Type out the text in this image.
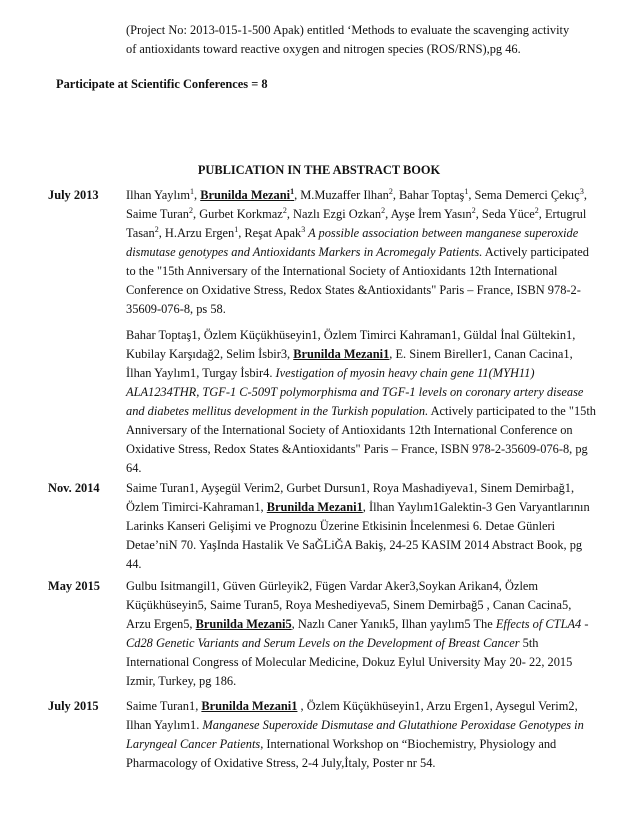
(Project No: 2013-015-1-500 Apak) entitled ‘Methods to evaluate the scavenging activity
of antioxidants toward reactive oxygen and nitrogen species (ROS/RNS),pg 46.
Participate at Scientific Conferences = 8
PUBLICATION IN THE ABSTRACT BOOK
July 2013 Ilhan Yaylım$^1$, Brunilda Mezani$^1$, M.Muzaffer Ilhan$^2$, Bahar Toptaş$^1$, Sema Demerci Çekıç$^3$, Saime Turan$^2$, Gurbet Korkmaz$^2$, Nazlı Ezgi Ozkan$^2$, Ayşe İrem Yasın$^2$, Seda Yüce$^2$, Ertugrul Tasan$^2$, H.Arzu Ergen$^1$, Reşat Apak$^3$ A possible association between manganese superoxide dismutase genotypes and Antioxidants Markers in Acromegaly Patients. Actively participated to the "15th Anniversary of the International Society of Antioxidants 12th International Conference on Oxidative Stress, Redox States &Antioxidants" Paris – France, ISBN 978-2-35609-076-8, ps 58.
Bahar Toptaş1, Özlem Küçükhüseyin1, Özlem Timirci Kahraman1, Güldal İnal Gültekin1, Kubilay Karşıdağ2, Selim İsbir3, Brunilda Mezani1, E. Sinem Bireller1, Canan Cacina1, İlhan Yaylım1, Turgay İsbir4. Ivestigation of myosin heavy chain gene 11(MYH11) ALA1234THR, TGF-1 C-509T polymorphisma and TGF-1 levels on coronary artery disease and diabetes mellitus development in the Turkish population. Actively participated to the "15th Anniversary of the International Society of Antioxidants 12th International Conference on Oxidative Stress, Redox States &Antioxidants" Paris – France, ISBN 978-2-35609-076-8, pg 64.
Nov. 2014 Saime Turan1, Ayşegül Verim2, Gurbet Dursun1, Roya Mashadiyeva1, Sinem Demirbağ1, Özlem Timirci-Kahraman1, Brunilda Mezani1, İlhan Yaylım1Galektin-3 Gen Varyantlarının Larinks Kanseri Gelişimi ve Prognozu Üzerine Etkisinin İncelenmesi 6. Detae Günleri Detae’niN 70. YaşInda Hastalik Ve SaĞLiĞA Bakiş, 24-25 KASIM 2014 Abstract Book, pg 44.
May 2015 Gulbu Isitmangil1, Güven Gürleyik2, Fügen Vardar Aker3,Soykan Arikan4, Özlem Küçükhüseyin5, Saime Turan5, Roya Meshediyeva5, Sinem Demirbağ5 , Canan Cacina5, Arzu Ergen5, Brunilda Mezani5, Nazlı Caner Yanık5, Ilhan yaylım5 The Effects of CTLA4 -Cd28 Genetic Variants and Serum Levels on the Development of Breast Cancer 5th International Congress of Molecular Medicine, Dokuz Eylul University May 20- 22, 2015 Izmir, Turkey, pg 186.
July 2015 Saime Turan1, Brunilda Mezani1 , Özlem Küçükhüseyin1, Arzu Ergen1, Aysegul Verim2, Ilhan Yaylım1. Manganese Superoxide Dismutase and Glutathione Peroxidase Genotypes in Laryngeal Cancer Patients, International Workshop on “Biochemistry, Physiology and Pharmacology of Oxidative Stress, 2-4 July,İtaly, Poster nr 54.
